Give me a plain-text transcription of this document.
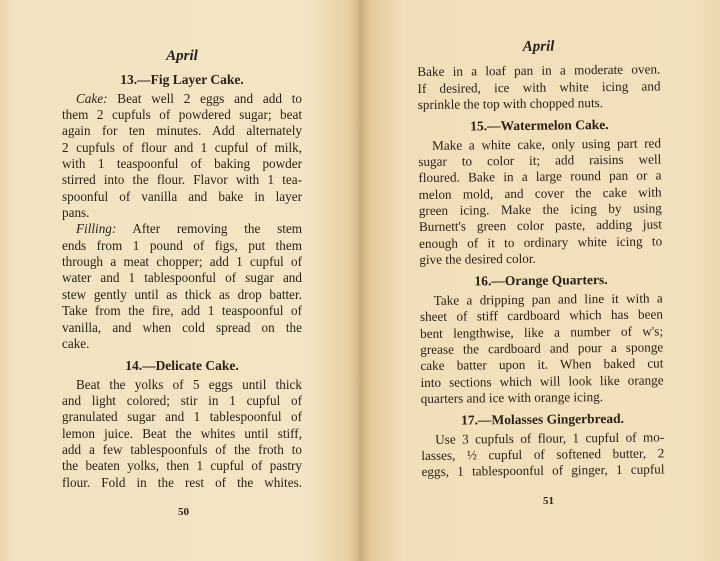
April
13.—Fig Layer Cake.
Cake: Beat well 2 eggs and add to
them 2 cupfuls of powdered sugar; beat
again for ten minutes. Add alternately
2 cupfuls of flour and 1 cupful of milk,
with 1 teaspoonful of baking powder
stirred into the flour. Flavor with 1 tea-
spoonful of vanilla and bake in layer
pans.
Filling: After removing the stem
ends from 1 pound of figs, put them
through a meat chopper; add 1 cupful of
water and 1 tablespoonful of sugar and
stew gently until as thick as drop batter.
Take from the fire, add 1 teaspoonful of
vanilla, and when cold spread on the
cake.
14.—Delicate Cake.
Beat the yolks of 5 eggs until thick
and light colored; stir in 1 cupful of
granulated sugar and 1 tablespoonful of
lemon juice. Beat the whites until stiff,
add a few tablespoonfuls of the froth to
the beaten yolks, then 1 cupful of pastry
flour. Fold in the rest of the whites.
50
April
Bake in a loaf pan in a moderate oven.
If desired, ice with white icing and
sprinkle the top with chopped nuts.
15.—Watermelon Cake.
Make a white cake, only using part red
sugar to color it; add raisins well
floured. Bake in a large round pan or a
melon mold, and cover the cake with
green icing. Make the icing by using
Burnett's green color paste, adding just
enough of it to ordinary white icing to
give the desired color.
16.—Orange Quarters.
Take a dripping pan and line it with a
sheet of stiff cardboard which has been
bent lengthwise, like a number of w's;
grease the cardboard and pour a sponge
cake batter upon it. When baked cut
into sections which will look like orange
quarters and ice with orange icing.
17.—Molasses Gingerbread.
Use 3 cupfuls of flour, 1 cupful of mo-
lasses, ½ cupful of softened butter, 2
eggs, 1 tablespoonful of ginger, 1 cupful
51
